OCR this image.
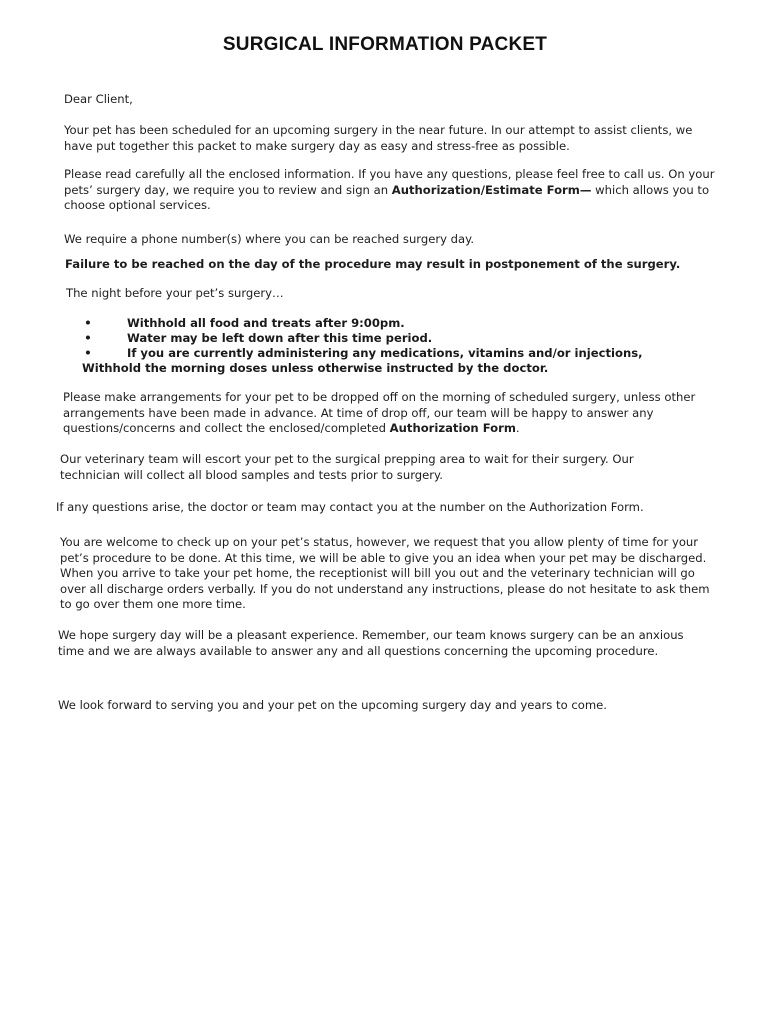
SURGICAL INFORMATION PACKET

Dear Client,

Your pet has been scheduled for an upcoming surgery in the near future. In our attempt to assist clients, we have put together this packet to make surgery day as easy and stress-free as possible.

Please read carefully all the enclosed information. If you have any questions, please feel free to call us. On your pets’ surgery day, we require you to review and sign an Authorization/Estimate Form— which allows you to choose optional services.

We require a phone number(s) where you can be reached surgery day.

Failure to be reached on the day of the procedure may result in postponement of the surgery.

The night before your pet’s surgery…

•	Withhold all food and treats after 9:00pm.
•	Water may be left down after this time period.
•	If you are currently administering any medications, vitamins and/or injections,
Withhold the morning doses unless otherwise instructed by the doctor.

Please make arrangements for your pet to be dropped off on the morning of scheduled surgery, unless other arrangements have been made in advance. At time of drop off, our team will be happy to answer any questions/concerns and collect the enclosed/completed Authorization Form.

Our veterinary team will escort your pet to the surgical prepping area to wait for their surgery. Our technician will collect all blood samples and tests prior to surgery.

If any questions arise, the doctor or team may contact you at the number on the Authorization Form.

You are welcome to check up on your pet’s status, however, we request that you allow plenty of time for your pet’s procedure to be done. At this time, we will be able to give you an idea when your pet may be discharged. When you arrive to take your pet home, the receptionist will bill you out and the veterinary technician will go over all discharge orders verbally. If you do not understand any instructions, please do not hesitate to ask them to go over them one more time.

We hope surgery day will be a pleasant experience. Remember, our team knows surgery can be an anxious time and we are always available to answer any and all questions concerning the upcoming procedure.

We look forward to serving you and your pet on the upcoming surgery day and years to come.
